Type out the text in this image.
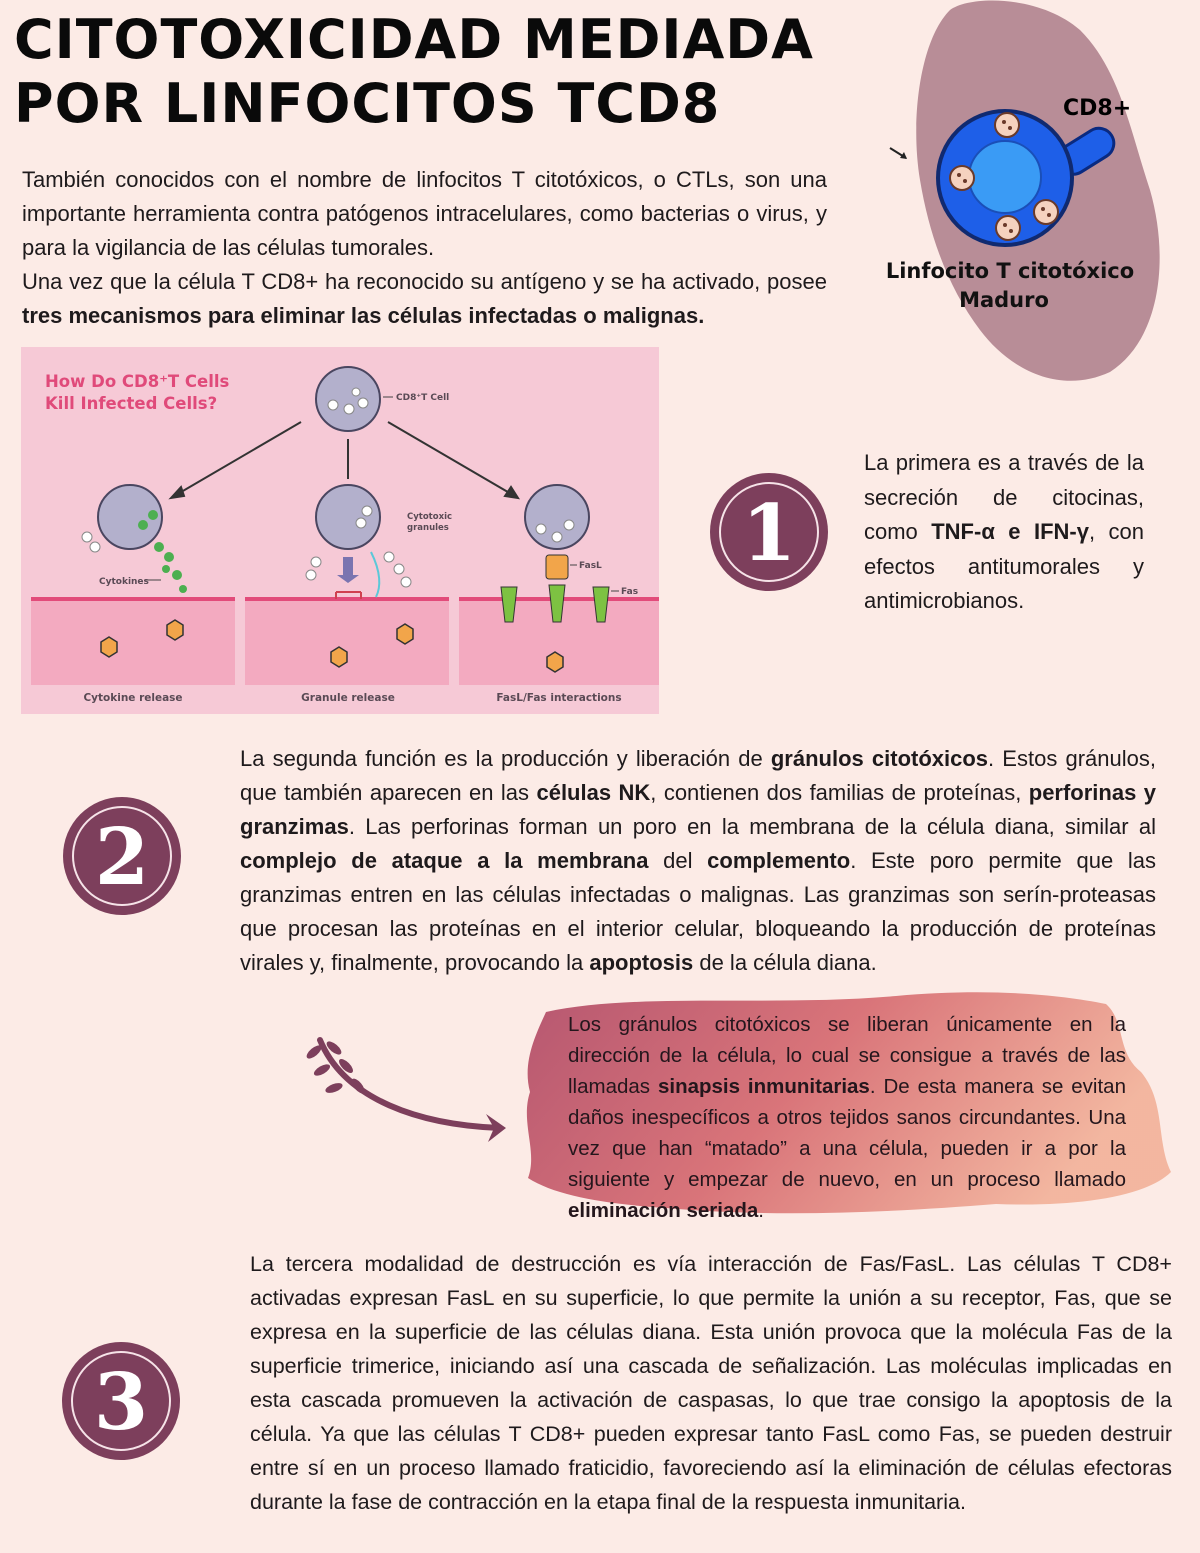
CITOTOXICIDAD MEDIADA
POR LINFOCITOS TCD8	CD8+
Linfocito T citotóxico
Maduro
También conocidos con el nombre de linfocitos T citotóxicos, o CTLs, son una importante herramienta contra patógenos intracelulares, como bacterias o virus, y para la vigilancia de las células tumorales.
Una vez que la célula T CD8+ ha reconocido su antígeno y se ha activado, posee tres mecanismos para eliminar las células infectadas o malignas.
How Do CD8⁺T Cells
Kill Infected Cells?	CD8⁺T Cell
Cytokines
Cytokine release
Cytotoxic
granules
Granule release
FasL
Fas
FasL/Fas interactions
1
La primera es a través de la secreción de citocinas, como TNF-α e IFN-γ, con efectos antitumorales y antimicrobianos.
2
La segunda función es la producción y liberación de gránulos citotóxicos. Estos gránulos, que también aparecen en las células NK, contienen dos familias de proteínas, perforinas y granzimas. Las perforinas forman un poro en la membrana de la célula diana, similar al complejo de ataque a la membrana del complemento. Este poro permite que las granzimas entren en las células infectadas o malignas. Las granzimas son serín-proteasas que procesan las proteínas en el interior celular, bloqueando la producción de proteínas virales y, finalmente, provocando la apoptosis de la célula diana.
Los gránulos citotóxicos se liberan únicamente en la dirección de la célula, lo cual se consigue a través de las llamadas sinapsis inmunitarias. De esta manera se evitan daños inespecíficos a otros tejidos sanos circundantes. Una vez que han “matado” a una célula, pueden ir a por la siguiente y empezar de nuevo, en un proceso llamado eliminación seriada.
3
La tercera modalidad de destrucción es vía interacción de Fas/FasL. Las células T CD8+ activadas expresan FasL en su superficie, lo que permite la unión a su receptor, Fas, que se expresa en la superficie de las células diana. Esta unión provoca que la molécula Fas de la superficie trimerice, iniciando así una cascada de señalización. Las moléculas implicadas en esta cascada promueven la activación de caspasas, lo que trae consigo la apoptosis de la célula. Ya que las células T CD8+ pueden expresar tanto FasL como Fas, se pueden destruir entre sí en un proceso llamado fraticidio, favoreciendo así la eliminación de células efectoras durante la fase de contracción en la etapa final de la respuesta inmunitaria.
